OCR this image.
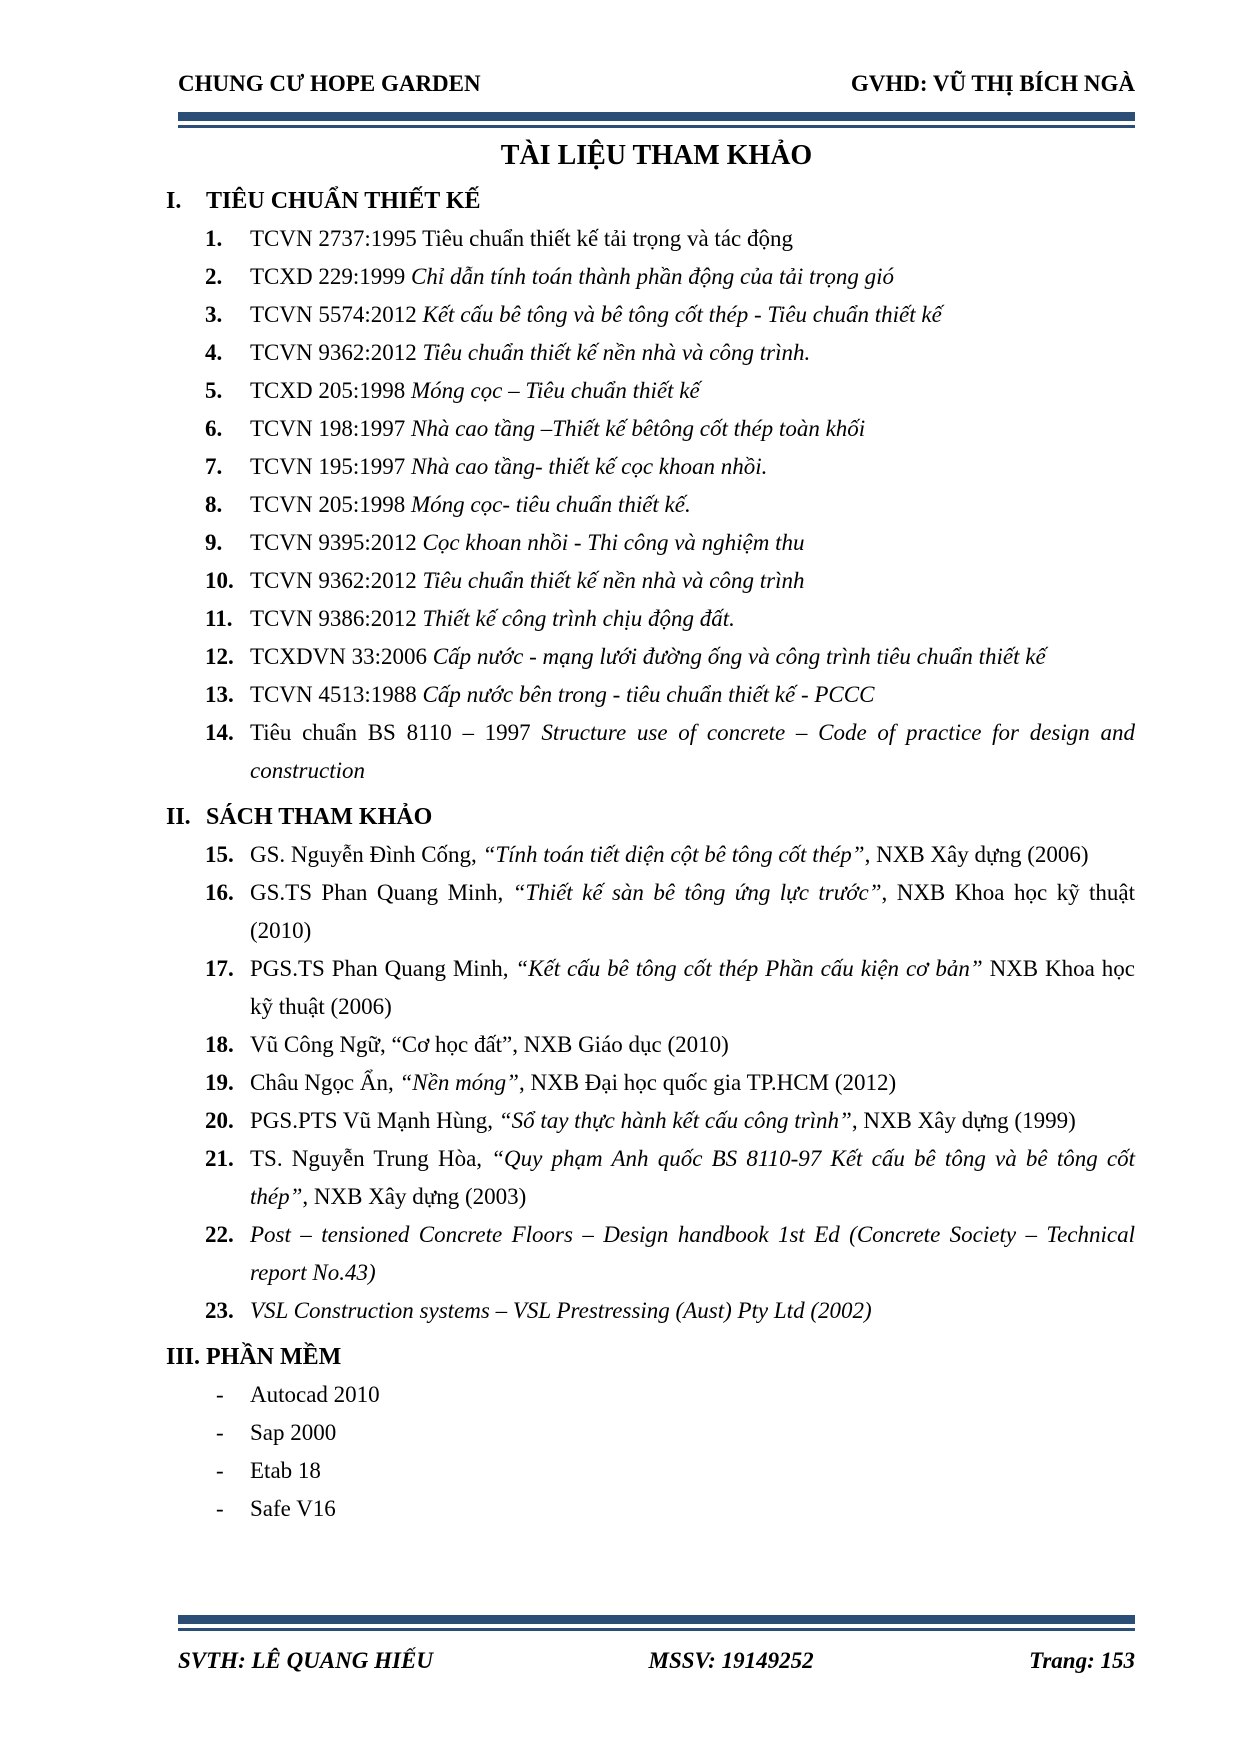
CHUNG CƯ HOPE GARDEN	GVHD: VŨ THỊ BÍCH NGÀ
TÀI LIỆU THAM KHẢO
I.	TIÊU CHUẨN THIẾT KẾ
1.	TCVN 2737:1995 Tiêu chuẩn thiết kế tải trọng và tác động
2.	TCXD 229:1999 Chỉ dẫn tính toán thành phần động của tải trọng gió
3.	TCVN 5574:2012 Kết cấu bê tông và bê tông cốt thép - Tiêu chuẩn thiết kế
4.	TCVN 9362:2012 Tiêu chuẩn thiết kế nền nhà và công trình.
5.	TCXD 205:1998 Móng cọc – Tiêu chuẩn thiết kế
6.	TCVN 198:1997 Nhà cao tầng –Thiết kế bêtông cốt thép toàn khối
7.	TCVN 195:1997 Nhà cao tầng- thiết kế cọc khoan nhồi.
8.	TCVN 205:1998 Móng cọc- tiêu chuẩn thiết kế.
9.	TCVN 9395:2012 Cọc khoan nhồi - Thi công và nghiệm thu
10. TCVN 9362:2012 Tiêu chuẩn thiết kế nền nhà và công trình
11. TCVN 9386:2012 Thiết kế công trình chịu động đất.
12. TCXDVN 33:2006 Cấp nước - mạng lưới đường ống và công trình tiêu chuẩn thiết kế
13. TCVN 4513:1988 Cấp nước bên trong - tiêu chuẩn thiết kế - PCCC
14. Tiêu chuẩn BS 8110 – 1997 Structure use of concrete – Code of practice for design and construction
II. SÁCH THAM KHẢO
15. GS. Nguyễn Đình Cống, “Tính toán tiết diện cột bê tông cốt thép”, NXB Xây dựng (2006)
16. GS.TS Phan Quang Minh, “Thiết kế sàn bê tông ứng lực trước”, NXB Khoa học kỹ thuật (2010)
17. PGS.TS Phan Quang Minh, “Kết cấu bê tông cốt thép Phần cấu kiện cơ bản” NXB Khoa học kỹ thuật (2006)
18. Vũ Công Ngữ, “Cơ học đất”, NXB Giáo dục (2010)
19. Châu Ngọc Ẩn, “Nền móng”, NXB Đại học quốc gia TP.HCM (2012)
20. PGS.PTS Vũ Mạnh Hùng, “Sổ tay thực hành kết cấu công trình”, NXB Xây dựng (1999)
21. TS. Nguyễn Trung Hòa, “Quy phạm Anh quốc BS 8110-97 Kết cấu bê tông và bê tông cốt thép”, NXB Xây dựng (2003)
22. Post – tensioned Concrete Floors – Design handbook 1st Ed (Concrete Society – Technical report No.43)
23. VSL Construction systems – VSL Prestressing (Aust) Pty Ltd (2002)
III. PHẦN MỀM
-	Autocad 2010
-	Sap 2000
-	Etab 18
-	Safe V16
SVTH: LÊ QUANG HIẾU	MSSV: 19149252	Trang: 153
